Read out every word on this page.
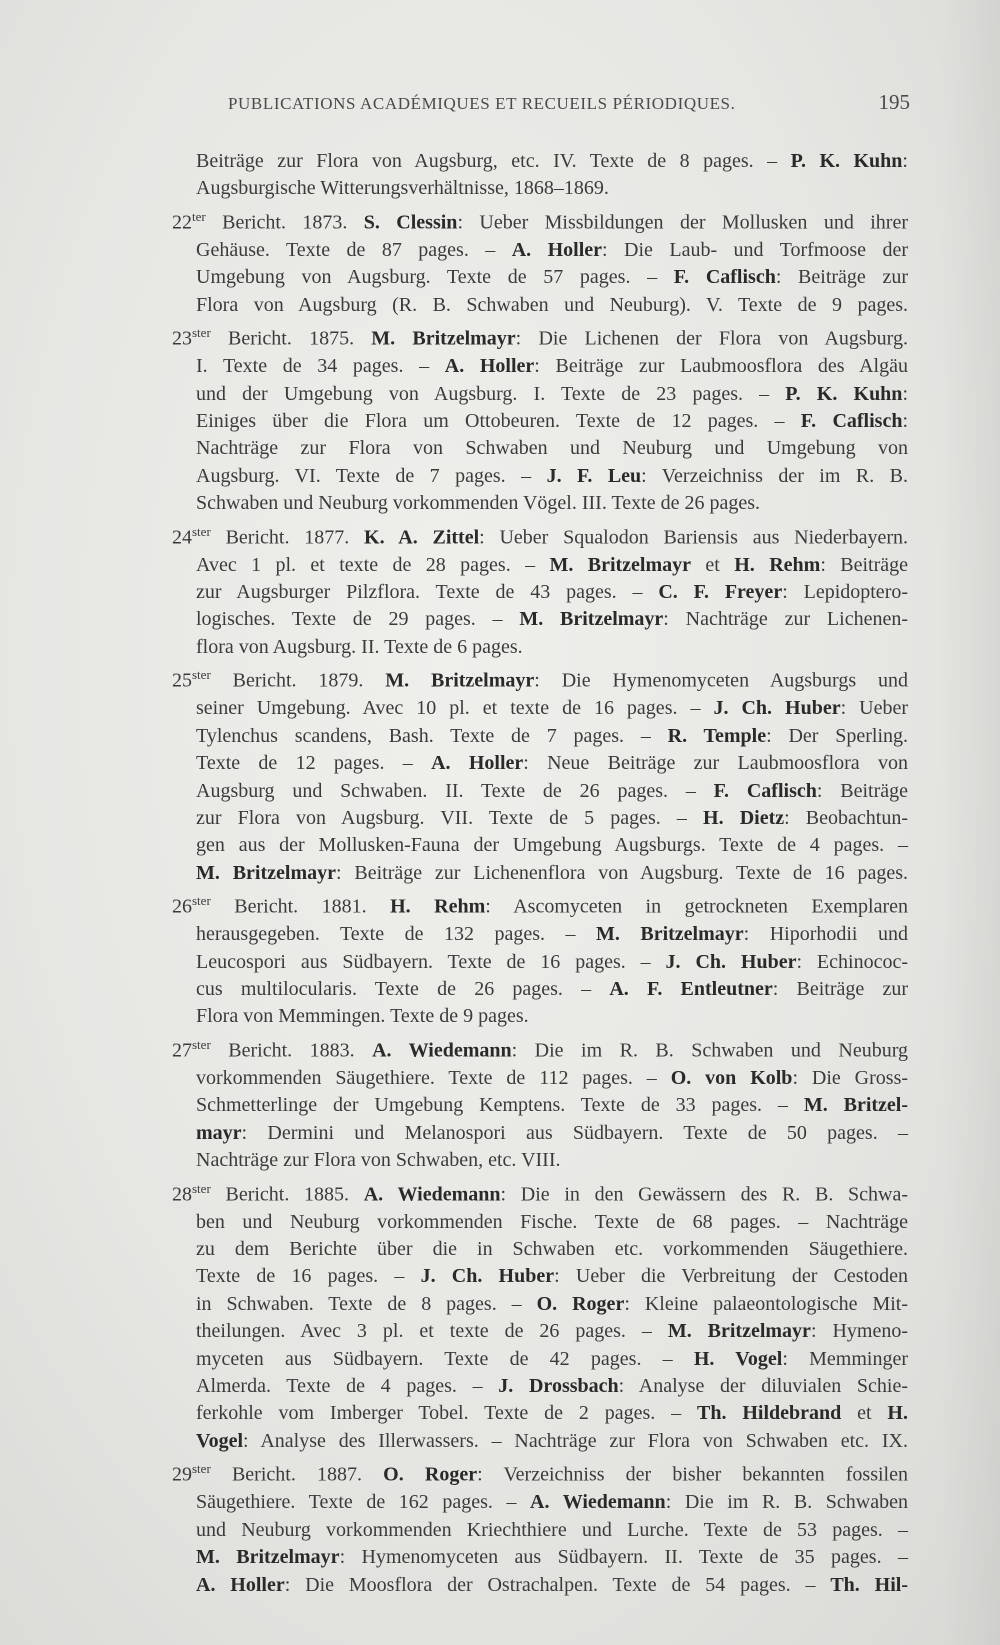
PUBLICATIONS ACADÉMIQUES ET RECUEILS PÉRIODIQUES.	195
Beiträge zur Flora von Augsburg, etc. IV. Texte de 8 pages. – P. K. Kuhn:
Augsburgische Witterungsverhältnisse, 1868–1869.
$22^{ter}$ Bericht. 1873. S. Clessin: Ueber Missbildungen der Mollusken und ihrer
Gehäuse. Texte de 87 pages. – A. Holler: Die Laub- und Torfmoose der
Umgebung von Augsburg. Texte de 57 pages. – F. Caflisch: Beiträge zur
Flora von Augsburg (R. B. Schwaben und Neuburg). V. Texte de 9 pages.
$23^{ster}$ Bericht. 1875. M. Britzelmayr: Die Lichenen der Flora von Augsburg.
I. Texte de 34 pages. – A. Holler: Beiträge zur Laubmoosflora des Algäu
und der Umgebung von Augsburg. I. Texte de 23 pages. – P. K. Kuhn:
Einiges über die Flora um Ottobeuren. Texte de 12 pages. – F. Caflisch:
Nachträge zur Flora von Schwaben und Neuburg und Umgebung von
Augsburg. VI. Texte de 7 pages. – J. F. Leu: Verzeichniss der im R. B.
Schwaben und Neuburg vorkommenden Vögel. III. Texte de 26 pages.
$24^{ster}$ Bericht. 1877. K. A. Zittel: Ueber Squalodon Bariensis aus Niederbayern.
Avec 1 pl. et texte de 28 pages. – M. Britzelmayr et H. Rehm: Beiträge
zur Augsburger Pilzflora. Texte de 43 pages. – C. F. Freyer: Lepidoptero-
logisches. Texte de 29 pages. – M. Britzelmayr: Nachträge zur Lichenen-
flora von Augsburg. II. Texte de 6 pages.
$25^{ster}$ Bericht. 1879. M. Britzelmayr: Die Hymenomyceten Augsburgs und
seiner Umgebung. Avec 10 pl. et texte de 16 pages. – J. Ch. Huber: Ueber
Tylenchus scandens, Bash. Texte de 7 pages. – R. Temple: Der Sperling.
Texte de 12 pages. – A. Holler: Neue Beiträge zur Laubmoosflora von
Augsburg und Schwaben. II. Texte de 26 pages. – F. Caflisch: Beiträge
zur Flora von Augsburg. VII. Texte de 5 pages. – H. Dietz: Beobachtun-
gen aus der Mollusken-Fauna der Umgebung Augsburgs. Texte de 4 pages. –
M. Britzelmayr: Beiträge zur Lichenenflora von Augsburg. Texte de 16 pages.
$26^{ster}$ Bericht. 1881. H. Rehm: Ascomyceten in getrockneten Exemplaren
herausgegeben. Texte de 132 pages. – M. Britzelmayr: Hiporhodii und
Leucospori aus Südbayern. Texte de 16 pages. – J. Ch. Huber: Echinococ-
cus multilocularis. Texte de 26 pages. – A. F. Entleutner: Beiträge zur
Flora von Memmingen. Texte de 9 pages.
$27^{ster}$ Bericht. 1883. A. Wiedemann: Die im R. B. Schwaben und Neuburg
vorkommenden Säugethiere. Texte de 112 pages. – O. von Kolb: Die Gross-
Schmetterlinge der Umgebung Kemptens. Texte de 33 pages. – M. Britzel-
mayr: Dermini und Melanospori aus Südbayern. Texte de 50 pages. –
Nachträge zur Flora von Schwaben, etc. VIII.
$28^{ster}$ Bericht. 1885. A. Wiedemann: Die in den Gewässern des R. B. Schwa-
ben und Neuburg vorkommenden Fische. Texte de 68 pages. – Nachträge
zu dem Berichte über die in Schwaben etc. vorkommenden Säugethiere.
Texte de 16 pages. – J. Ch. Huber: Ueber die Verbreitung der Cestoden
in Schwaben. Texte de 8 pages. – O. Roger: Kleine palaeontologische Mit-
theilungen. Avec 3 pl. et texte de 26 pages. – M. Britzelmayr: Hymeno-
myceten aus Südbayern. Texte de 42 pages. – H. Vogel: Memminger
Almerda. Texte de 4 pages. – J. Drossbach: Analyse der diluvialen Schie-
ferkohle vom Imberger Tobel. Texte de 2 pages. – Th. Hildebrand et H.
Vogel: Analyse des Illerwassers. – Nachträge zur Flora von Schwaben etc. IX.
$29^{ster}$ Bericht. 1887. O. Roger: Verzeichniss der bisher bekannten fossilen
Säugethiere. Texte de 162 pages. – A. Wiedemann: Die im R. B. Schwaben
und Neuburg vorkommenden Kriechthiere und Lurche. Texte de 53 pages. –
M. Britzelmayr: Hymenomyceten aus Südbayern. II. Texte de 35 pages. –
A. Holler: Die Moosflora der Ostrachalpen. Texte de 54 pages. – Th. Hil-
